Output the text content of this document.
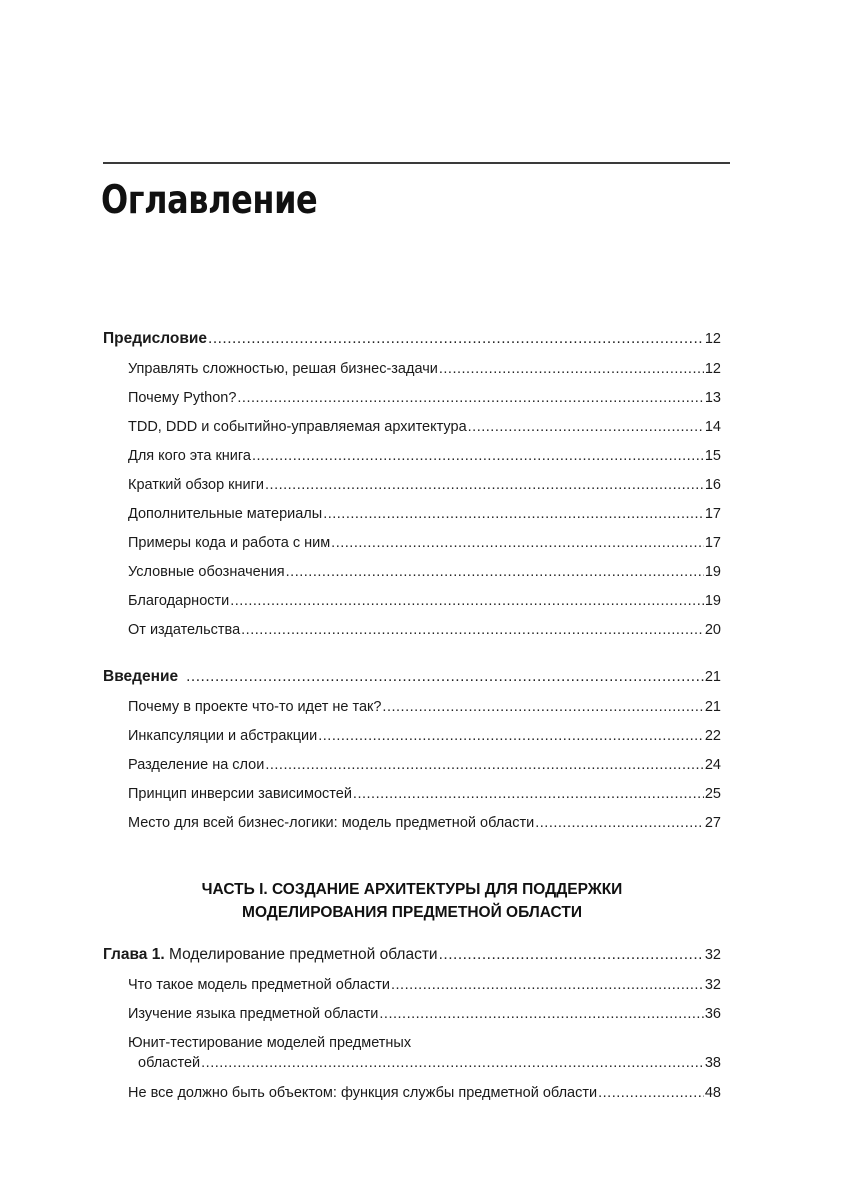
Оглавление
Предисловие .....	12
Управлять сложностью, решая бизнес-задачи .....	12
Почему Python? .....	13
TDD, DDD и событийно-управляемая архитектура .....	14
Для кого эта книга .....	15
Краткий обзор книги .....	16
Дополнительные материалы .....	17
Примеры кода и работа с ним .....	17
Условные обозначения .....	19
Благодарности .....	19
От издательства .....	20
Введение .....	21
Почему в проекте что-то идет не так? .....	21
Инкапсуляции и абстракции .....	22
Разделение на слои .....	24
Принцип инверсии зависимостей .....	25
Место для всей бизнес-логики: модель предметной области .....	27
ЧАСТЬ I. СОЗДАНИЕ АРХИТЕКТУРЫ ДЛЯ ПОДДЕРЖКИ
МОДЕЛИРОВАНИЯ ПРЕДМЕТНОЙ ОБЛАСТИ
Глава 1. Моделирование предметной области .....	32
Что такое модель предметной области .....	32
Изучение языка предметной области .....	36
Юнит-тестирование моделей предметных
областей .....	38
Не все должно быть объектом: функция службы предметной области .....	48
